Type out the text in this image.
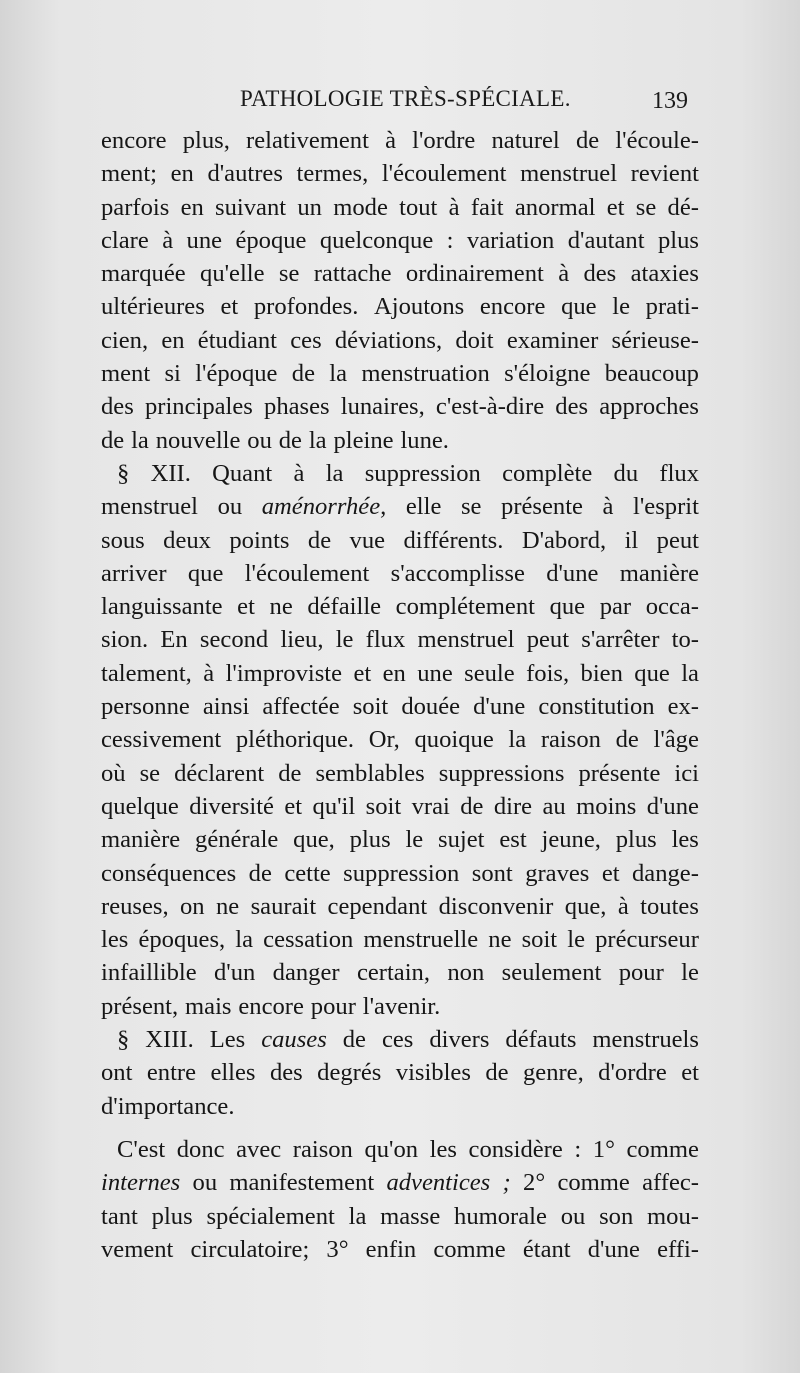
PATHOLOGIE TRÈS-SPÉCIALE.	139
encore plus, relativement à l'ordre naturel de l'écoule-
ment; en d'autres termes, l'écoulement menstruel revient
parfois en suivant un mode tout à fait anormal et se dé-
clare à une époque quelconque : variation d'autant plus
marquée qu'elle se rattache ordinairement à des ataxies
ultérieures et profondes. Ajoutons encore que le prati-
cien, en étudiant ces déviations, doit examiner sérieuse-
ment si l'époque de la menstruation s'éloigne beaucoup
des principales phases lunaires, c'est-à-dire des approches
de la nouvelle ou de la pleine lune.
§ XII. Quant à la suppression complète du flux
menstruel ou aménorrhée, elle se présente à l'esprit
sous deux points de vue différents. D'abord, il peut
arriver que l'écoulement s'accomplisse d'une manière
languissante et ne défaille complétement que par occa-
sion. En second lieu, le flux menstruel peut s'arrêter to-
talement, à l'improviste et en une seule fois, bien que la
personne ainsi affectée soit douée d'une constitution ex-
cessivement pléthorique. Or, quoique la raison de l'âge
où se déclarent de semblables suppressions présente ici
quelque diversité et qu'il soit vrai de dire au moins d'une
manière générale que, plus le sujet est jeune, plus les
conséquences de cette suppression sont graves et dange-
reuses, on ne saurait cependant disconvenir que, à toutes
les époques, la cessation menstruelle ne soit le précurseur
infaillible d'un danger certain, non seulement pour le
présent, mais encore pour l'avenir.
§ XIII. Les causes de ces divers défauts menstruels
ont entre elles des degrés visibles de genre, d'ordre et
d'importance.
C'est donc avec raison qu'on les considère : 1° comme
internes ou manifestement adventices ; 2° comme affec-
tant plus spécialement la masse humorale ou son mou-
vement circulatoire; 3° enfin comme étant d'une effi-
